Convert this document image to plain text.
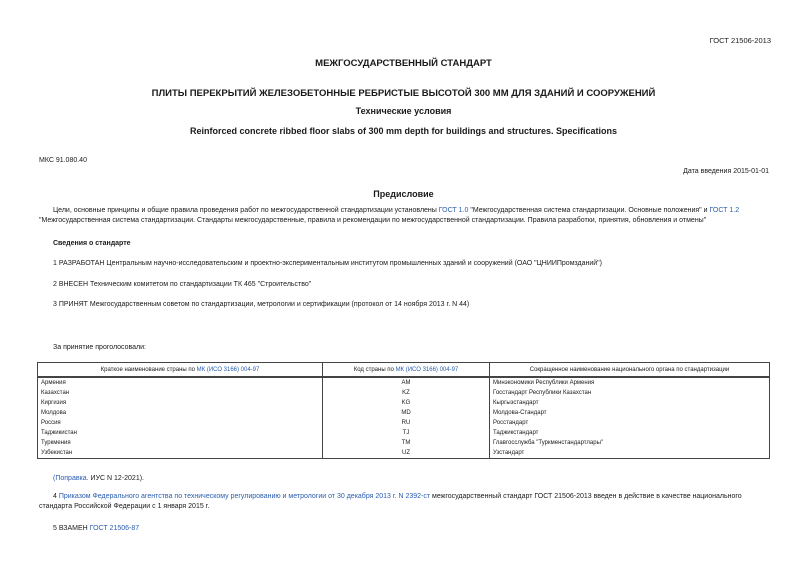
ГОСТ 21506-2013
МЕЖГОСУДАРСТВЕННЫЙ СТАНДАРТ
ПЛИТЫ ПЕРЕКРЫТИЙ ЖЕЛЕЗОБЕТОННЫЕ РЕБРИСТЫЕ ВЫСОТОЙ 300 ММ ДЛЯ ЗДАНИЙ И СООРУЖЕНИЙ
Технические условия
Reinforced concrete ribbed floor slabs of 300 mm depth for buildings and structures. Specifications
МКС 91.080.40
Дата введения 2015-01-01
Предисловие
Цели, основные принципы и общие правила проведения работ по межгосударственной стандартизации установлены ГОСТ 1.0 "Межгосударственная система стандартизации. Основные положения" и ГОСТ 1.2 "Межгосударственная система стандартизации. Стандарты межгосударственные, правила и рекомендации по межгосударственной стандартизации. Правила разработки, принятия, обновления и отмены"
Сведения о стандарте
1 РАЗРАБОТАН Центральным научно-исследовательским и проектно-экспериментальным институтом промышленных зданий и сооружений (ОАО "ЦНИИПромзданий")
2 ВНЕСЕН Техническим комитетом по стандартизации ТК 465 "Строительство"
3 ПРИНЯТ Межгосударственным советом по стандартизации, метрологии и сертификации (протокол от 14 ноября 2013 г. N 44)
За принятие проголосовали:
Краткое наименование страны по МК (ИСО 3166) 004-97	Код страны по МК (ИСО 3166) 004-97	Сокращенное наименование национального органа по стандартизации
Армения	AM	Минэкономики Республики Армения
Казахстан	KZ	Госстандарт Республики Казахстан
Киргизия	KG	Кыргызстандарт
Молдова	MD	Молдова-Стандарт
Россия	RU	Росстандарт
Таджикистан	TJ	Таджикстандарт
Туркмения	TM	Главгосслужба "Туркменстандартлары"
Узбекистан	UZ	Узстандарт
(Поправка. ИУС N 12-2021).
4 Приказом Федерального агентства по техническому регулированию и метрологии от 30 декабря 2013 г. N 2392-ст межгосударственный стандарт ГОСТ 21506-2013 введен в действие в качестве национального стандарта Российской Федерации с 1 января 2015 г.
5 ВЗАМЕН ГОСТ 21506-87
